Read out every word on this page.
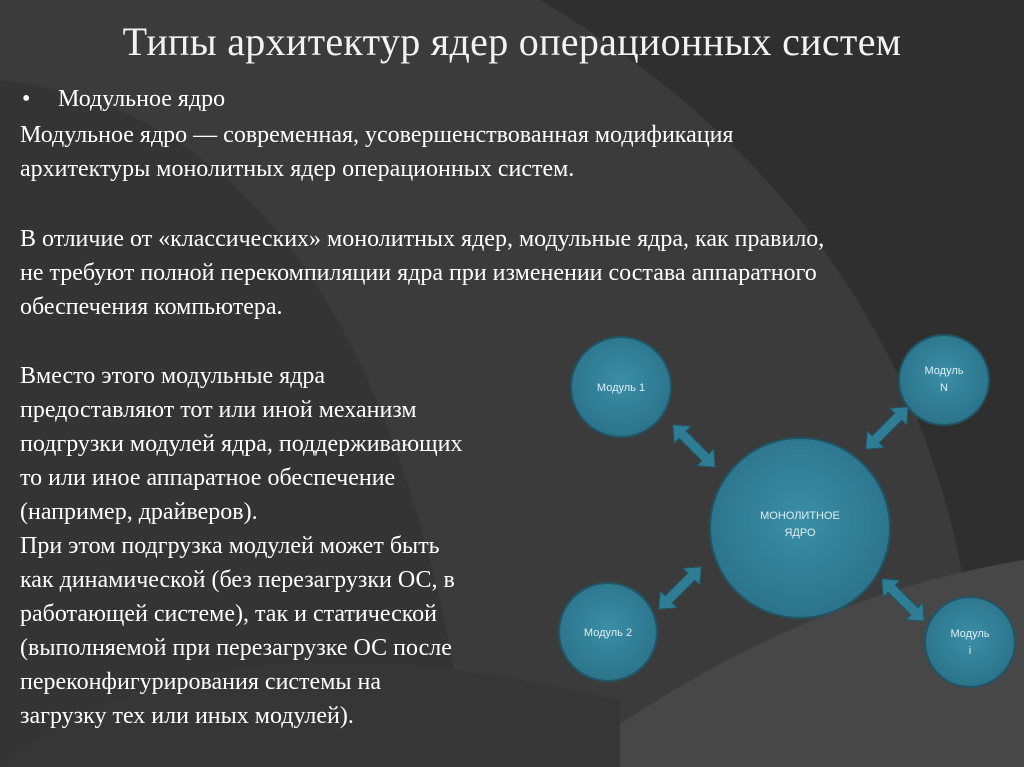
Типы архитектур ядер операционных систем
• Модульное ядро

Модульное ядро — современная, усовершенствованная модификация
архитектуры монолитных ядер операционных систем.

В отличие от «классических» монолитных ядер, модульные ядра, как правило,
не требуют полной перекомпиляции ядра при изменении состава аппаратного
обеспечения компьютера.

Вместо этого модульные ядра
предоставляют тот или иной механизм
подгрузки модулей ядра, поддерживающих
то или иное аппаратное обеспечение
(например, драйверов).
При этом подгрузка модулей может быть
как динамической (без перезагрузки ОС, в
работающей системе), так и статической
(выполняемой при перезагрузке ОС после
переконфигурирования системы на
загрузку тех или иных модулей).

МОНОЛИТНОЕ
ЯДРО
Модуль 1
Модуль
N
Модуль 2	Модуль
i
